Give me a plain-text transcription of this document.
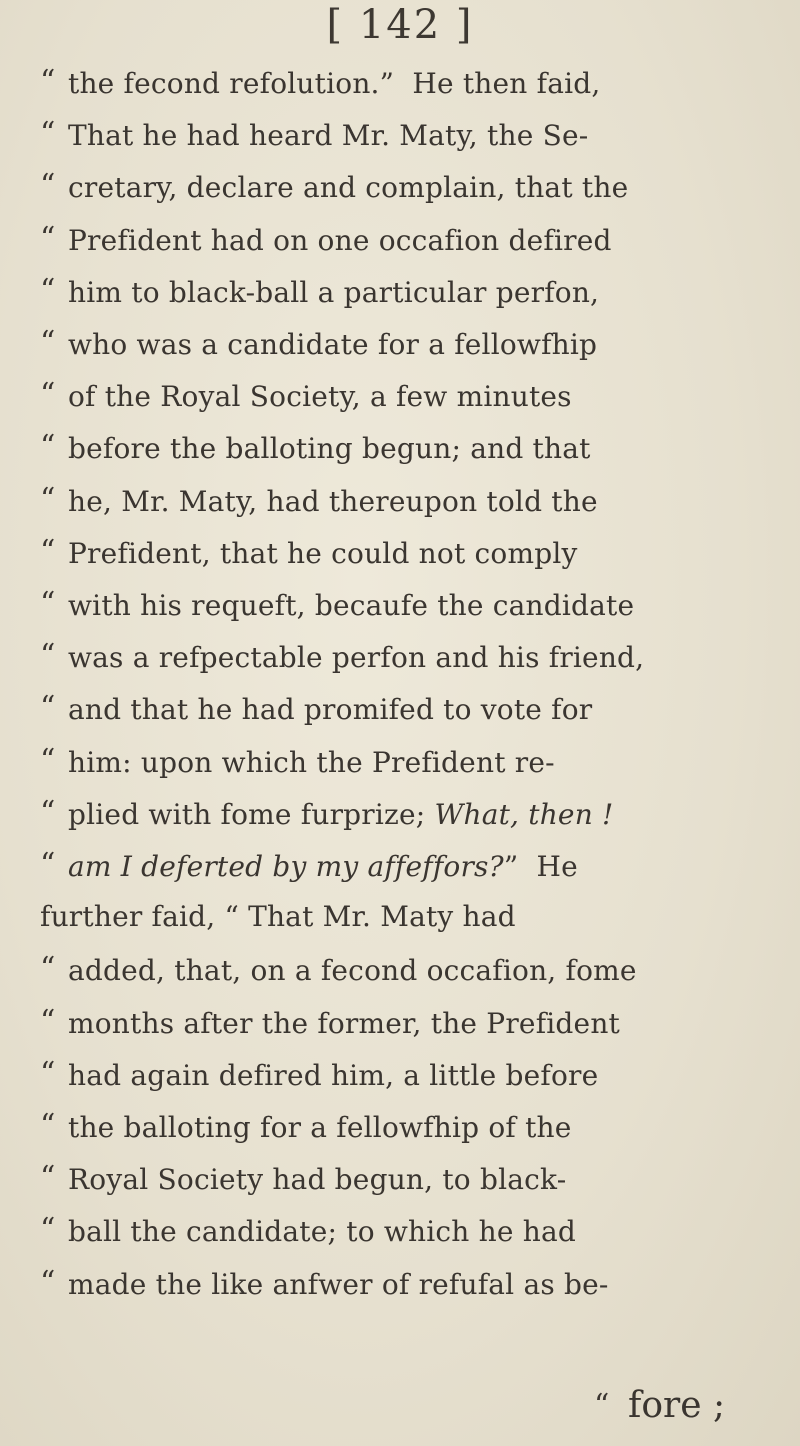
[ 142 ]
“ the fecond refolution.”  He then faid,
“ That he had heard Mr. Maty, the Se-
“ cretary, declare and complain, that the
“ Prefident had on one occafion defired
“ him to black-ball a particular perfon,
“ who was a candidate for a fellowfhip
“ of the Royal Society, a few minutes
“ before the balloting begun; and that
“ he, Mr. Maty, had thereupon told the
“ Prefident, that he could not comply
“ with his requeft, becaufe the candidate
“ was a refpectable perfon and his friend,
“ and that he had promifed to vote for
“ him: upon which the Prefident re-
“ plied with fome furprize; What, then !
“ am I deferted by my affeffors?”  He
further faid, “ That Mr. Maty had
“ added, that, on a fecond occafion, fome
“ months after the former, the Prefident
“ had again defired him, a little before
“ the balloting for a fellowfhip of the
“ Royal Society had begun, to black-
“ ball the candidate; to which he had
“ made the like anfwer of refufal as be-
“ fore ;
